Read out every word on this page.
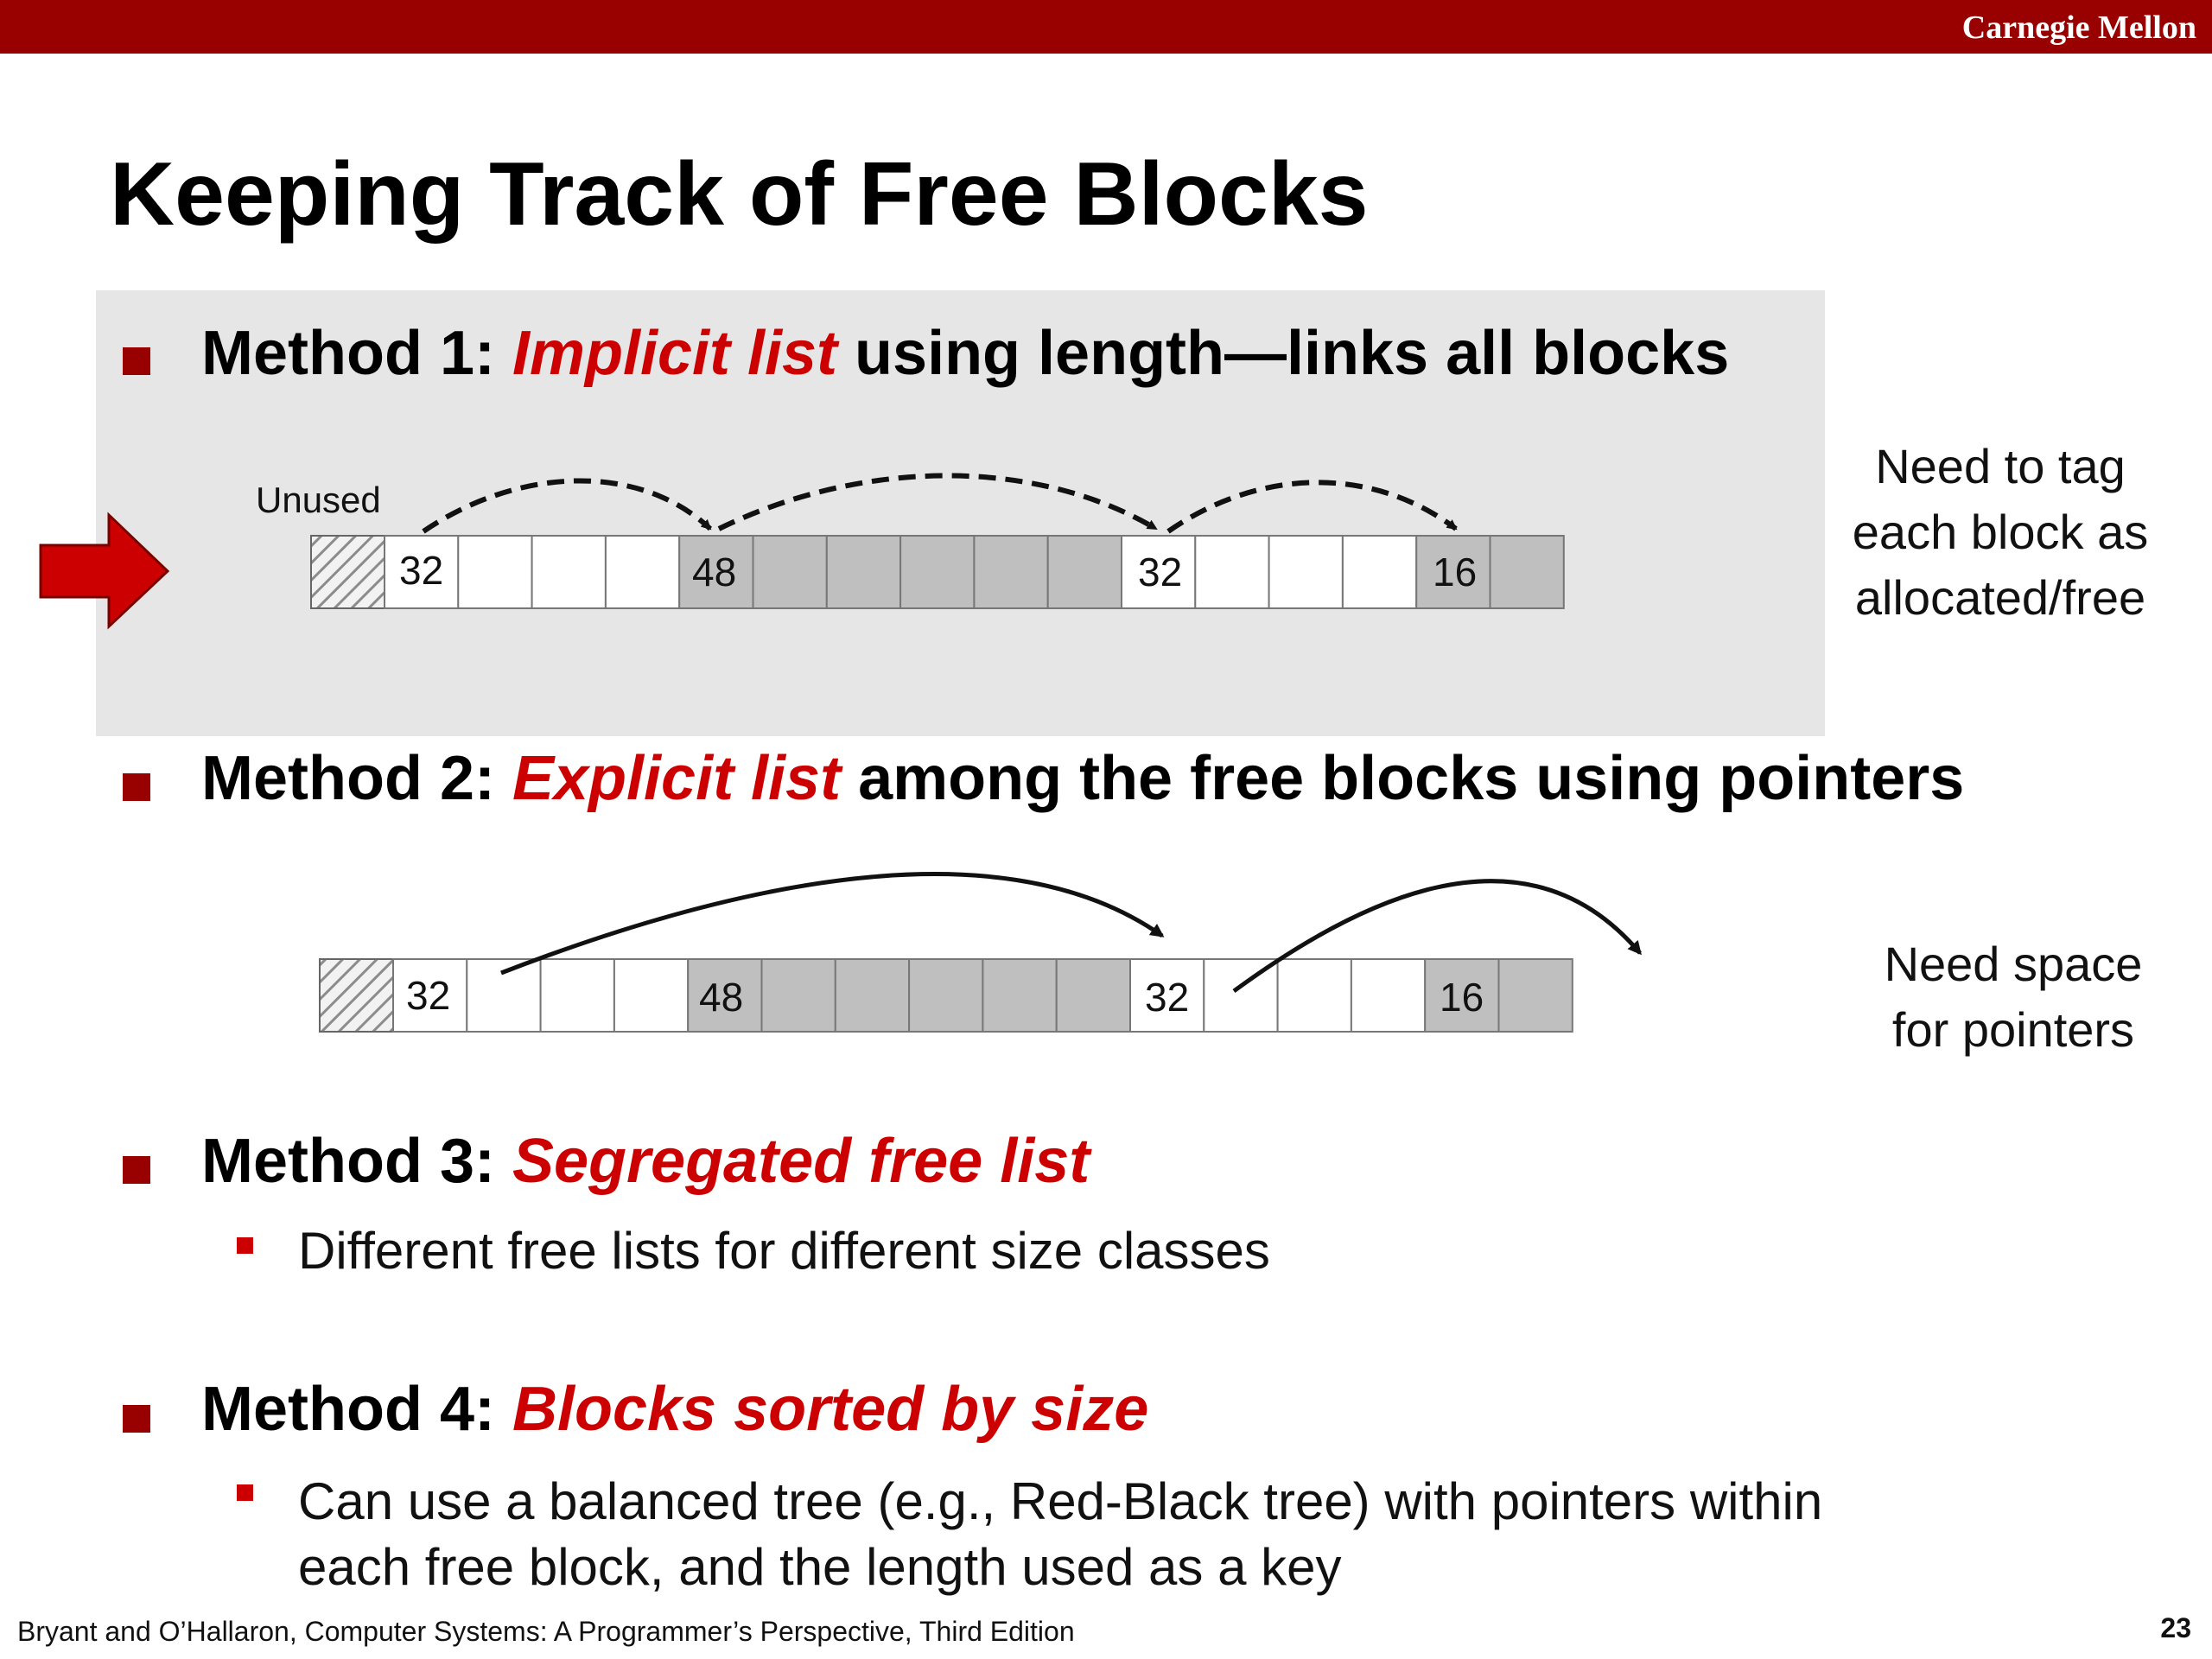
Carnegie Mellon
Keeping Track of Free Blocks
Method 1: Implicit list using length—links all blocks
Method 2: Explicit list among the free blocks using pointers
Method 3: Segregated free list
Different free lists for different size classes
Method 4: Blocks sorted by size
Can use a balanced tree (e.g., Red-Black tree) with pointers within
each free block, and the length used as a key
Need to tag
each block as
allocated/free
Need space
for pointers
Unused
32	48	32	16
32	48	32	16
Bryant and O’Hallaron, Computer Systems: A Programmer’s Perspective, Third Edition	23
